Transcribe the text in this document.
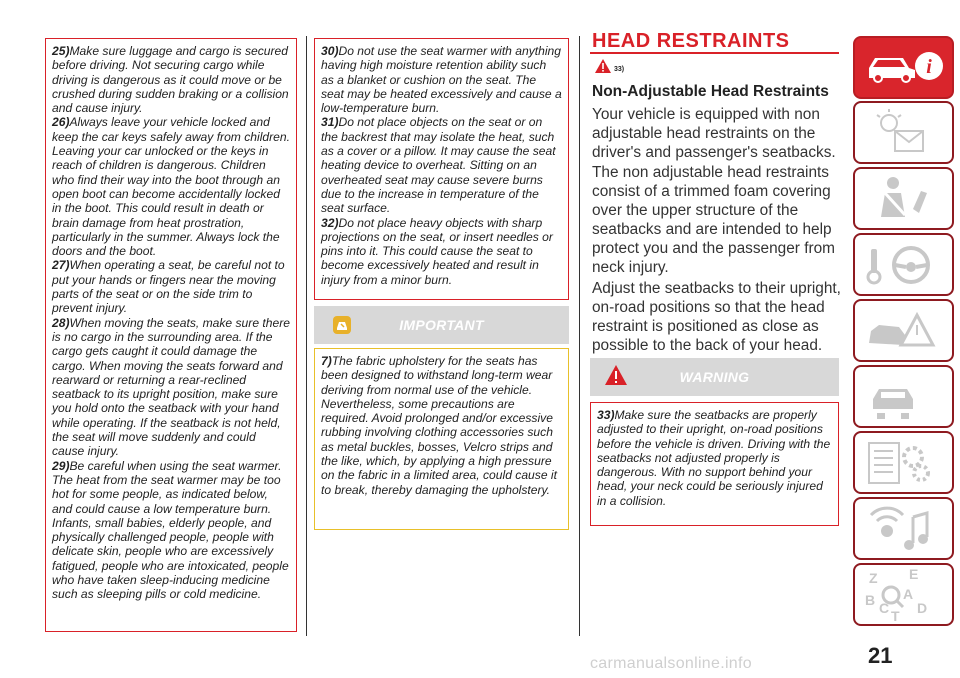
25)Make sure luggage and cargo is secured before driving. Not securing cargo while driving is dangerous as it could move or be crushed during sudden braking or a collision and cause injury.

26)Always leave your vehicle locked and keep the car keys safely away from children. Leaving your car unlocked or the keys in reach of children is dangerous. Children who find their way into the boot through an open boot can become accidentally locked in the boot. This could result in death or brain damage from heat prostration, particularly in the summer. Always lock the doors and the boot.

27)When operating a seat, be careful not to put your hands or fingers near the moving parts of the seat or on the side trim to prevent injury.

28)When moving the seats, make sure there is no cargo in the surrounding area. If the cargo gets caught it could damage the cargo. When moving the seats forward and rearward or returning a rear-reclined seatback to its upright position, make sure you hold onto the seatback with your hand while operating. If the seatback is not held, the seat will move suddenly and could cause injury.

29)Be careful when using the seat warmer. The heat from the seat warmer may be too hot for some people, as indicated below, and could cause a low temperature burn. Infants, small babies, elderly people, and physically challenged people, people with delicate skin, people who are excessively fatigued, people who are intoxicated, people who have taken sleep-inducing medicine such as sleeping pills or cold medicine.

30)Do not use the seat warmer with anything having high moisture retention ability such as a blanket or cushion on the seat. The seat may be heated excessively and cause a low-temperature burn.

31)Do not place objects on the seat or on the backrest that may isolate the heat, such as a cover or a pillow. It may cause the seat heating device to overheat. Sitting on an overheated seat may cause severe burns due to the increase in temperature of the seat surface.

32)Do not place heavy objects with sharp projections on the seat, or insert needles or pins into it. This could cause the seat to become excessively heated and result in injury from a minor burn.

IMPORTANT

7)The fabric upholstery for the seats has been designed to withstand long-term wear deriving from normal use of the vehicle. Nevertheless, some precautions are required. Avoid prolonged and/or excessive rubbing involving clothing accessories such as metal buckles, bosses, Velcro strips and the like, which, by applying a high pressure on the fabric in a limited area, could cause it to break, thereby damaging the upholstery.

HEAD RESTRAINTS
33)
Non-Adjustable Head Restraints

Your vehicle is equipped with non adjustable head restraints on the driver's and passenger's seatbacks.

The non adjustable head restraints consist of a trimmed foam covering over the upper structure of the seatbacks and are intended to help protect you and the passenger from neck injury.

Adjust the seatbacks to their upright, on-road positions so that the head restraint is positioned as close as possible to the back of your head.

WARNING

33)Make sure the seatbacks are properly adjusted to their upright, on-road positions before the vehicle is driven. Driving with the seatbacks not adjusted properly is dangerous. With no support behind your head, your neck could be seriously injured in a collision.

i
Z E
B A
C D
T
21
carmanualsonline.info
